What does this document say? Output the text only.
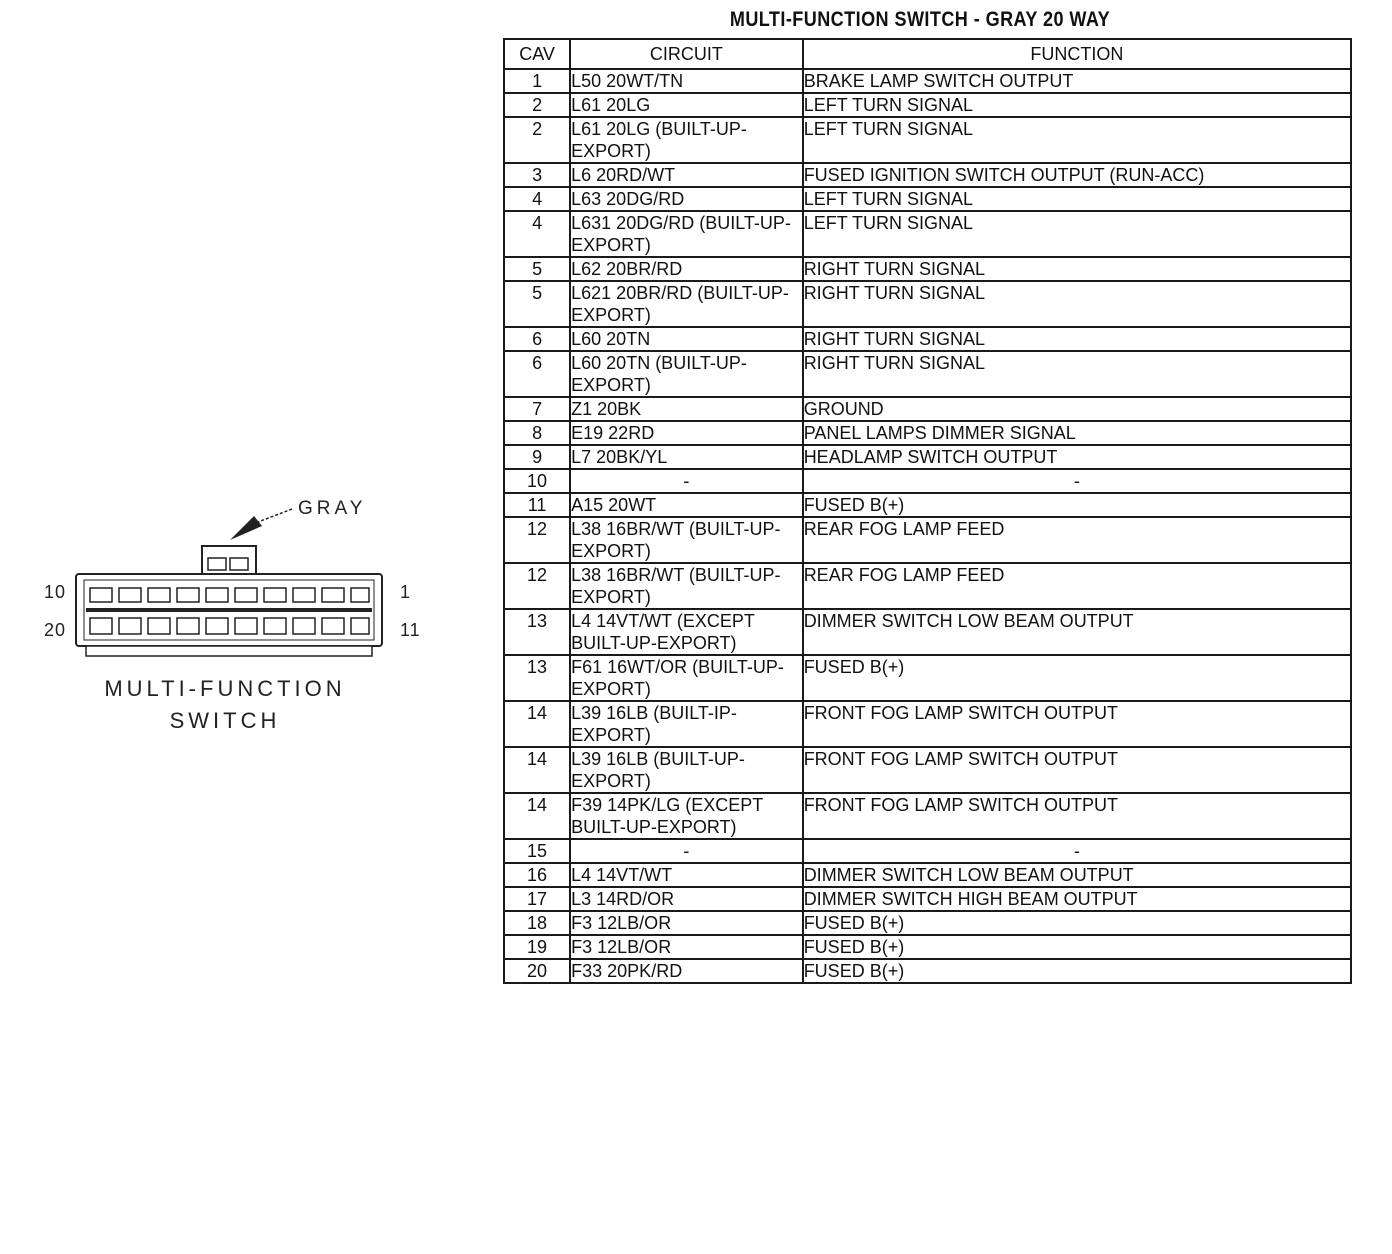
GRAY
10	1
20	11
MULTI-FUNCTION
SWITCH
MULTI-FUNCTION SWITCH - GRAY 20 WAY
CAV	CIRCUIT	FUNCTION
1	L50 20WT/TN	BRAKE LAMP SWITCH OUTPUT
2	L61 20LG	LEFT TURN SIGNAL
2	L61 20LG (BUILT-UP-EXPORT)	LEFT TURN SIGNAL
3	L6 20RD/WT	FUSED IGNITION SWITCH OUTPUT (RUN-ACC)
4	L63 20DG/RD	LEFT TURN SIGNAL
4	L631 20DG/RD (BUILT-UP-EXPORT)	LEFT TURN SIGNAL
5	L62 20BR/RD	RIGHT TURN SIGNAL
5	L621 20BR/RD (BUILT-UP-EXPORT)	RIGHT TURN SIGNAL
6	L60 20TN	RIGHT TURN SIGNAL
6	L60 20TN (BUILT-UP-EXPORT)	RIGHT TURN SIGNAL
7	Z1 20BK	GROUND
8	E19 22RD	PANEL LAMPS DIMMER SIGNAL
9	L7 20BK/YL	HEADLAMP SWITCH OUTPUT
10	-	-
11	A15 20WT	FUSED B(+)
12	L38 16BR/WT (BUILT-UP-EXPORT)	REAR FOG LAMP FEED
12	L38 16BR/WT (BUILT-UP-EXPORT)	REAR FOG LAMP FEED
13	L4 14VT/WT (EXCEPT BUILT-UP-EXPORT)	DIMMER SWITCH LOW BEAM OUTPUT
13	F61 16WT/OR (BUILT-UP-EXPORT)	FUSED B(+)
14	L39 16LB (BUILT-IP-EXPORT)	FRONT FOG LAMP SWITCH OUTPUT
14	L39 16LB (BUILT-UP-EXPORT)	FRONT FOG LAMP SWITCH OUTPUT
14	F39 14PK/LG (EXCEPT BUILT-UP-EXPORT)	FRONT FOG LAMP SWITCH OUTPUT
15	-	-
16	L4 14VT/WT	DIMMER SWITCH LOW BEAM OUTPUT
17	L3 14RD/OR	DIMMER SWITCH HIGH BEAM OUTPUT
18	F3 12LB/OR	FUSED B(+)
19	F3 12LB/OR	FUSED B(+)
20	F33 20PK/RD	FUSED B(+)
